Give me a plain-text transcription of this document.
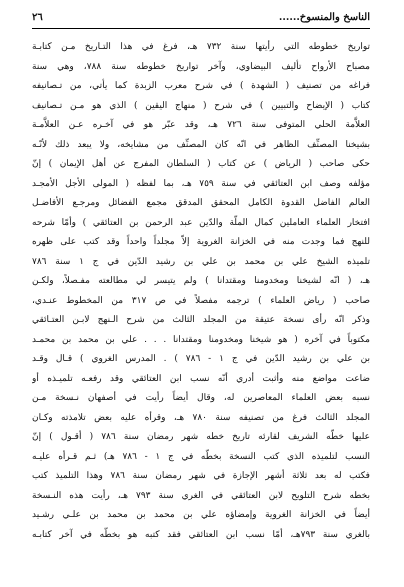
الناسخ والمنسوخ......
٢٦
تواريخ خطوطه التي رأيتها سنة ٧٣٢ هـ، فرغ في هذا التـاريخ مـن كتابـة
مصباح الأرواح تأليف البيضاوي، وآخر تواريخ خطوطه سنة ٧٨٨، وهي سنة
فراغه من تصنيف ( الشهدة ) في شرح معرب الزبدة كما يأتي، من تـصانيفه
كتاب ( الإيضاح والتبيين ) في شرح ( منهاج اليقين ) الذي هو مـن تـصانيف
العلاَّمة الحلي المتوفى سنة ٧٢٦ هـ، وقد عبّر هو في آخـره عـن العلاَّمـة
بشيخنا المصنِّف الظاهر في انّه كان المصنِّف من مشايخه، ولا يبعد ذلك لأنّـه
حكى صاحب ( الرياض ) عن كتاب ( السلطان المفرج عن أهل الإيمان ) إنّ
مؤلفه وصف ابن العتائقي في سنة ٧٥٩ هـ، بما لفظه ( المولى الأجل الأمجـد
العالم الفاضل القدوة الكامل المحقق المدقق مجمع الفضائل ومرجـع الأفاضـل
افتخار العلماء العاملين كمال الملّة والدّين عبد الرحمن بن العتائقي ) وأمّا شرحه
للنهج فما وجدت منه في الخزانة الغروية إلاّ مجلداً واحداً وقد كتب على ظهره
تلميذه الشيخ علي بن محمد بن علي بن رشيد الدّين في ج ١ سنة ٧٨٦
هـ، ( انّه لشيخنا ومخدومنا ومقتدانا ) ولم يتيسر لي مطالعته مفـصلاً، ولكـن
صاحب ( رياض العلماء ) ترجمه مفصلاً في ص ٣١٧ من المخطوط عنـدي،
وذكر انّه رأى نسخة عتيقة من المجلد الثالث من شرح الـنهج لابـن العتـائقي
مكتوباً في آخره ( هو شيخنا ومخدومنا ومقتدانا . . . علي بن محمد بن محمـد
بن علي بن رشيد الدّين في ج ١ - ٧٨٦ ) . المدرس الغروي ) قـال وقـد
ضاعت مواضع منه وأثبت أدري أنّه نسب ابن العتائقي وقد رفعـه تلميـذه أو
نسبه بعض العلماء المعاصرين له، وقال أيضاً رأيت في أصفهان نـسخة مـن
المجلد الثالث فرغ من تصنيفه سنة ٧٨٠ هـ، وقرأه عليه بعض تلامذته وكـان
عليها خطّه الشريف لقارئه تاريخ خطه شهر رمضان سنة ٧٨٦ ( أقـول ) إنّ
النسب لتلميذه الذي كتب النسخة بخطّه في ج ١ - ٧٨٦ هـ) ثـم قـرأه عليـه
فكتب له بعد ثلاثة أشهر الإجازة في شهر رمضان سنة ٧٨٦ وهذا التلميذ كتب
بخطه شرح التلويح لابن العتائقي في الغري سنة ٧٩٣ هـ، رأيت هذه النـسخة
أيضاً في الخزانة الغروية وإمضاؤه علي بن محمد بن محمد بن علـي رشـيد
بالغري سنة ٧٩٣هـ، أمّا نسب ابن العتائقي فقد كتبه هو بخطّه في آخر كتابـه
